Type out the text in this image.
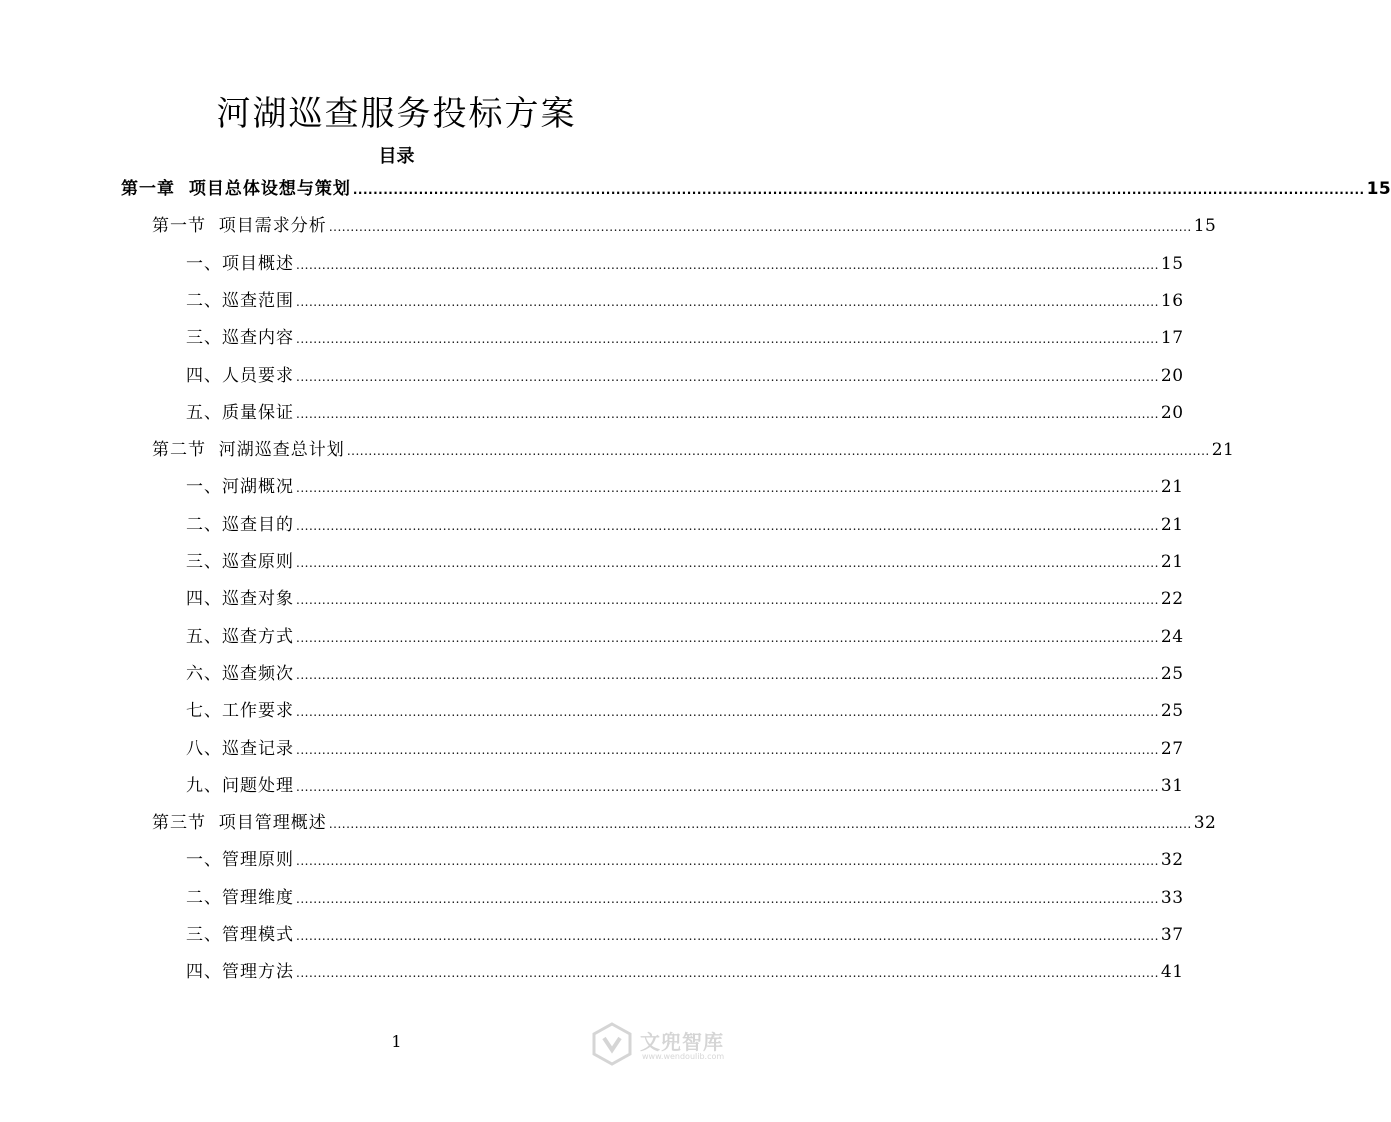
河湖巡查服务投标方案
目录
第一章  项目总体设想与策划 ........................................................................................................................................................................................................ 15
第一节  项目需求分析 ........................................................................................................................................................................................................ 15
一、项目概述 ........................................................................................................................................................................................................ 15
二、巡查范围 ........................................................................................................................................................................................................ 16
三、巡查内容 ........................................................................................................................................................................................................ 17
四、人员要求 ........................................................................................................................................................................................................ 20
五、质量保证 ........................................................................................................................................................................................................ 20
第二节  河湖巡查总计划 ........................................................................................................................................................................................................ 21
一、河湖概况 ........................................................................................................................................................................................................ 21
二、巡查目的 ........................................................................................................................................................................................................ 21
三、巡查原则 ........................................................................................................................................................................................................ 21
四、巡查对象 ........................................................................................................................................................................................................ 22
五、巡查方式 ........................................................................................................................................................................................................ 24
六、巡查频次 ........................................................................................................................................................................................................ 25
七、工作要求 ........................................................................................................................................................................................................ 25
八、巡查记录 ........................................................................................................................................................................................................ 27
九、问题处理 ........................................................................................................................................................................................................ 31
第三节  项目管理概述 ........................................................................................................................................................................................................ 32
一、管理原则 ........................................................................................................................................................................................................ 32
二、管理维度 ........................................................................................................................................................................................................ 33
三、管理模式 ........................................................................................................................................................................................................ 37
四、管理方法 ........................................................................................................................................................................................................ 41
1	文兜智库
www.wendoulib.com
